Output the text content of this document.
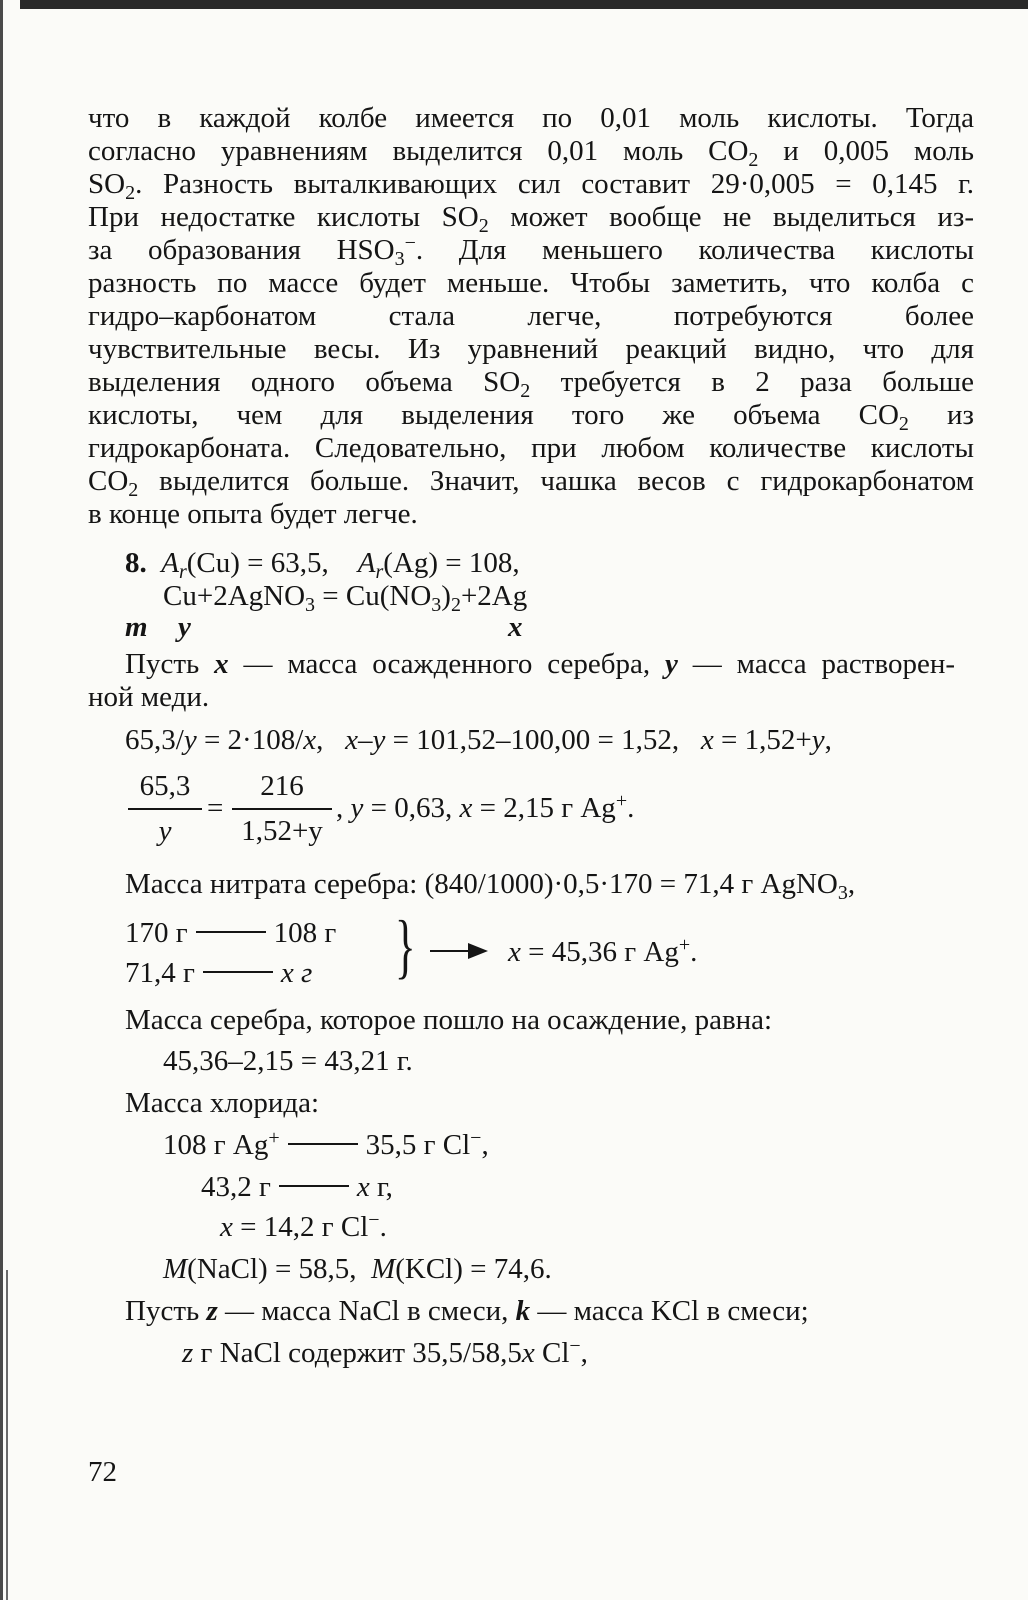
что в каждой колбе имеется по 0,01 моль кислоты. Тогда
согласно уравнениям выделится 0,01 моль $CO_2$ и 0,005 моль
$SO_2$. Разность выталкивающих сил составит 29·0,005 = 0,145 г.
При недостатке кислоты $SO_2$ может вообще не выделиться из-
за образования $HSO_3^-$. Для меньшего количества кислоты
разность по массе будет меньше. Чтобы заметить, что колба с
гидро–карбонатом стала легче, потребуются более
чувствительные весы. Из уравнений реакций видно, что для
выделения одного объема $SO_2$ требуется в 2 раза больше
кислоты, чем для выделения того же объема $CO_2$ из
гидрокарбоната. Следовательно, при любом количестве кислоты
$CO_2$ выделится больше. Значит, чашка весов с гидрокарбонатом
в конце опыта будет легче.
8. $A_r(Cu) = 63,5$, $A_r(Ag) = 108$,
Cu+2AgNO$_3$ = $Cu(NO_3)_2+2Ag$
m y	x
Пусть x — масса осажденного серебра, y — масса растворен-
ной меди.
65,3/y = 2·108/x,   x–y = 101,52–100,00 = 1,52,   x = 1,52+y,
65,3
y
=
216
1,52+y
, y = 0,63, x = 2,15 г Ag+.
Масса нитрата серебра: (840/1000)·0,5·170 = 71,4 г AgNO$_3$,
170 г	108 г
71,4 г	x г }	x = 45,36 г Ag+.
Масса серебра, которое пошло на осаждение, равна:
45,36–2,15 = 43,21 г.
Масса хлорида:
108 г Ag+	35,5 г Cl−,
43,2 г	x г,
x = 14,2 г Cl−.
M(NaCl) = 58,5,  M(KCl) = 74,6.
Пусть z — масса NaCl в смеси, k — масса KCl в смеси;
z г NaCl содержит 35,5/58,5x Cl−,
72
